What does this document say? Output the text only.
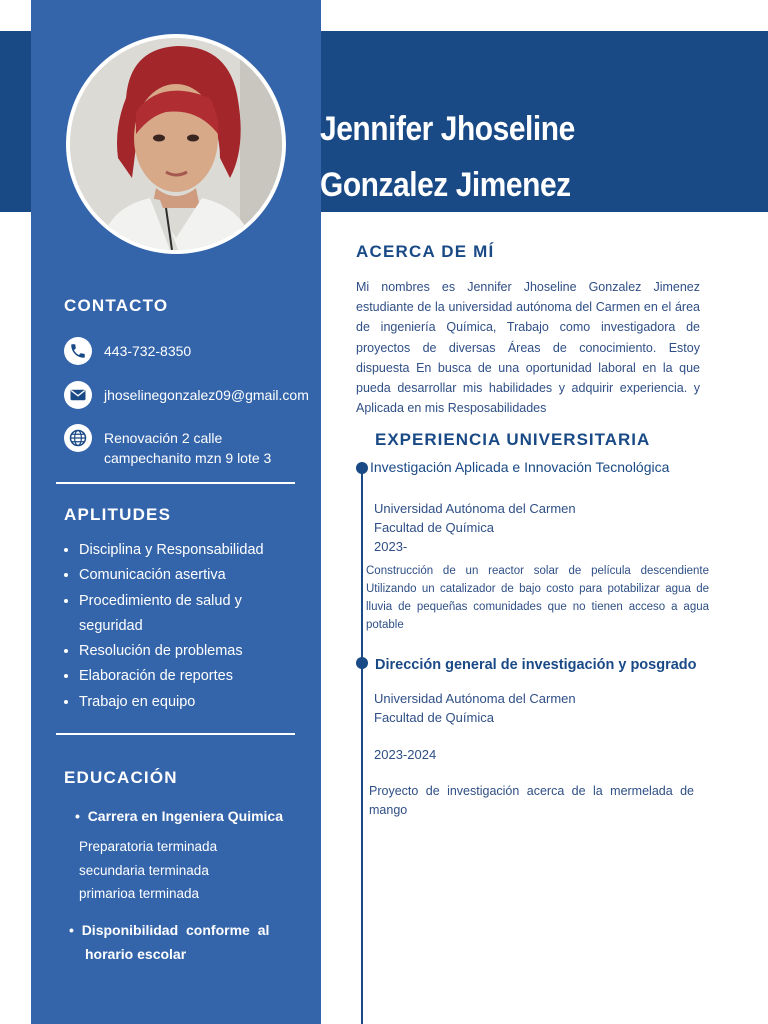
Jennifer Jhoseline
Gonzalez Jimenez
CONTACTO
443-732-8350
jhoselinegonzalez09@gmail.com
Renovación 2 calle
campechanito mzn 9 lote 3
APLITUDES
• Disciplina y Responsabilidad
• Comunicación asertiva
• Procedimiento de salud y seguridad
• Resolución de problemas
• Elaboración de reportes
• Trabajo en equipo
EDUCACIÓN
•  Carrera en Ingeniera Quimica
Preparatoria terminada
secundaria terminada
primarioa terminada
•  Disponibilidad conforme al
horario escolar
ACERCA DE MÍ
Mi nombres es Jennifer Jhoseline Gonzalez Jimenez estudiante de la universidad autónoma del Carmen en el área de ingeniería Química, Trabajo como investigadora de proyectos de diversas Áreas de conocimiento. Estoy dispuesta En busca de una oportunidad laboral en la que pueda desarrollar mis habilidades y adquirir experiencia. y Aplicada en mis Resposabilidades
EXPERIENCIA UNIVERSITARIA
Investigación Aplicada e Innovación Tecnológica
Universidad Autónoma del Carmen
Facultad de Química
2023-
Construcción de un reactor solar de película descendiente Utilizando un catalizador de bajo costo para potabilizar agua de lluvia de pequeñas comunidades que no tienen acceso a agua potable
Dirección general de investigación y posgrado
Universidad Autónoma del Carmen
Facultad de Química
2023-2024
Proyecto de investigación acerca de la mermelada de mango
